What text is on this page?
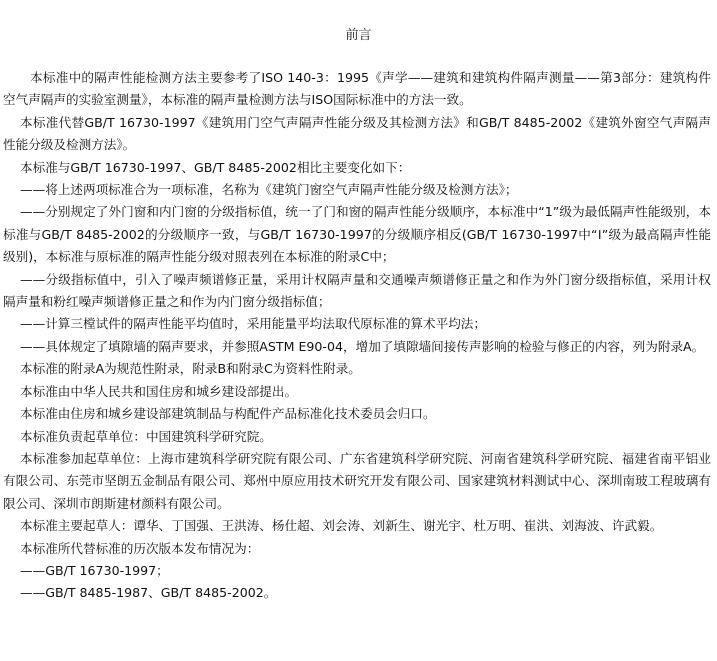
前言

本标准中的隔声性能检测方法主要参考了ISO 140-3：1995《声学——建筑和建筑构件隔声测量——第3部分：建筑构件空气声隔声的实验室测量》，本标准的隔声量检测方法与ISO国际标准中的方法一致。

本标准代替GB/T 16730-1997《建筑用门空气声隔声性能分级及其检测方法》和GB/T 8485-2002《建筑外窗空气声隔声性能分级及检测方法》。

本标准与GB/T 16730-1997、GB/T 8485-2002相比主要变化如下：

——将上述两项标准合为一项标准，名称为《建筑门窗空气声隔声性能分级及检测方法》；

——分别规定了外门窗和内门窗的分级指标值，统一了门和窗的隔声性能分级顺序，本标准中“1”级为最低隔声性能级别，本标准与GB/T 8485-2002的分级顺序一致，与GB/T 16730-1997的分级顺序相反(GB/T 16730-1997中“Ⅰ”级为最高隔声性能级别)，本标准与原标准的隔声性能分级对照表列在本标准的附录C中；

——分级指标值中，引入了噪声频谱修正量，采用计权隔声量和交通噪声频谱修正量之和作为外门窗分级指标值，采用计权隔声量和粉红噪声频谱修正量之和作为内门窗分级指标值；

——计算三樘试件的隔声性能平均值时，采用能量平均法取代原标准的算术平均法；

——具体规定了填隙墙的隔声要求，并参照ASTM E90-04，增加了填隙墙间接传声影响的检验与修正的内容，列为附录A。

本标准的附录A为规范性附录，附录B和附录C为资料性附录。

本标准由中华人民共和国住房和城乡建设部提出。

本标准由住房和城乡建设部建筑制品与构配件产品标准化技术委员会归口。

本标准负责起草单位：中国建筑科学研究院。

本标准参加起草单位：上海市建筑科学研究院有限公司、广东省建筑科学研究院、河南省建筑科学研究院、福建省南平铝业有限公司、东莞市坚朗五金制品有限公司、郑州中原应用技术研究开发有限公司、国家建筑材料测试中心、深圳南玻工程玻璃有限公司、深圳市朗斯建材颜料有限公司。

本标准主要起草人：谭华、丁国强、王洪涛、杨仕超、刘会涛、刘新生、谢光宇、杜万明、崔洪、刘海波、许武毅。

本标准所代替标准的历次版本发布情况为：

——GB/T 16730-1997；

——GB/T 8485-1987、GB/T 8485-2002。
